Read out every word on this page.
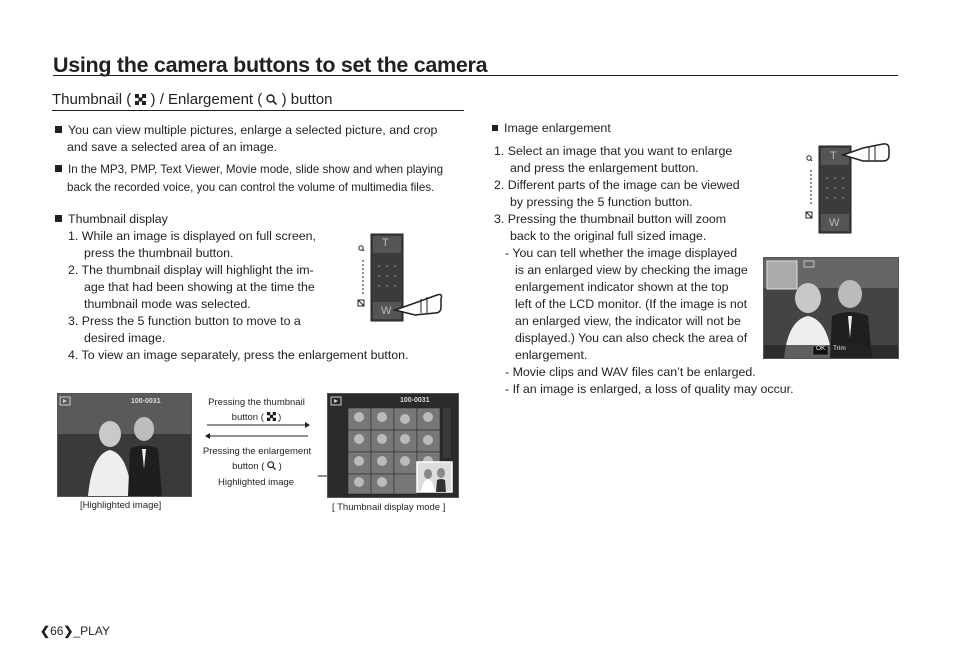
Using the camera buttons to set the camera
Thumbnail ( ) / Enlargement ( ) button
You can view multiple pictures, enlarge a selected picture, and crop
and save a selected area of an image.
In the MP3, PMP, Text Viewer, Movie mode, slide show and when playing
back the recorded voice, you can control the volume of multimedia files.
Thumbnail display
1. While an image is displayed on full screen,
press the thumbnail button.
2. The thumbnail display will highlight the im-
age that had been showing at the time the
thumbnail mode was selected.
3. Press the 5 function button to move to a
desired image.
4. To view an image separately, press the enlargement button.
T
W
100-0031
[Highlighted image]
Pressing the thumbnail
button (  )
Pressing the enlargement
button (  )
Highlighted image
100-0031
[ Thumbnail display mode ]
Image enlargement
1. Select an image that you want to enlarge
and press the enlargement button.
2. Different parts of the image can be viewed
by pressing the 5 function button.
3. Pressing the thumbnail button will zoom
back to the original full sized image.
- You can tell whether the image displayed
is an enlarged view by checking the image
enlargement indicator shown at the top
left of the LCD monitor. (If the image is not
an enlarged view, the indicator will not be
displayed.) You can also check the area of
enlargement.
- Movie clips and WAV files can’t be enlarged.
- If an image is enlarged, a loss of quality may occur.
T
W
OK Trim
❮66❯_PLAY
